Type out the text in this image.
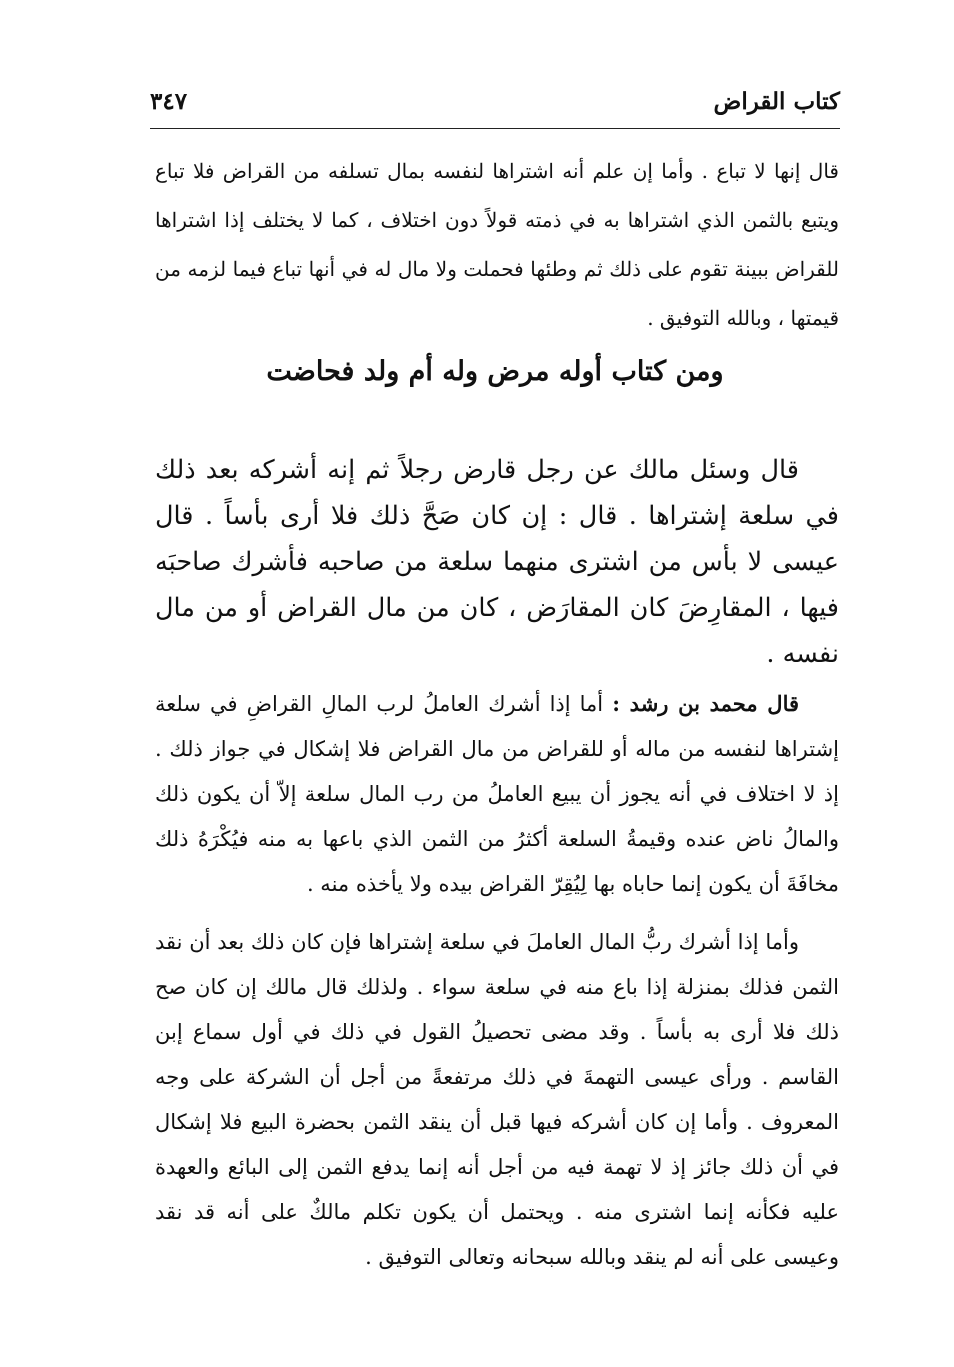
كتاب القراض
٣٤٧

قال إنها لا تباع . وأما إن علم أنه اشتراها لنفسه بمال تسلفه من القراض فلا تباع ويتبع بالثمن الذي اشتراها به في ذمته قولاً دون اختلاف ، كما لا يختلف إذا اشتراها للقراض ببينة تقوم على ذلك ثم وطئها فحملت ولا مال له في أنها تباع فيما لزمه من قيمتها ، وبالله التوفيق .

ومن كتاب أوله مرض وله أم ولد فحاضت

قال وسئل مالك عن رجل قارض رجلاً ثم إنه أشركه بعد ذلك في سلعة إشتراها . قال : إن كان صَحَّ ذلك فلا أرى بأساً . قال عيسى لا بأس من اشترى منهما سلعة من صاحبه فأشرك صاحبَه فيها ، المقارِضَ كان المقارَض ، كان من مال القراض أو من مال نفسه .

قال محمد بن رشد : أما إذا أشرك العاملُ لرب المالِ القراضِ في سلعة إشتراها لنفسه من ماله أو للقراض من مال القراض فلا إشكال في جواز ذلك . إذ لا اختلاف في أنه يجوز أن يبيع العاملُ من رب المال سلعة إلاّ أن يكون ذلك والمالُ ناض عنده وقيمةُ السلعة أكثرُ من الثمن الذي باعها به منه فيُكْرَهُ ذلك مخافَةَ أن يكون إنما حاباه بها لِيُقِرّ القراض بيده ولا يأخذه منه .

وأما إذا أشرك ربُّ المال العاملَ في سلعة إشتراها فإن كان ذلك بعد أن نقد الثمن فذلك بمنزلة إذا باع منه في سلعة سواء . ولذلك قال مالك إن كان صح ذلك فلا أرى به بأساً . وقد مضى تحصيلُ القول في ذلك في أول سماع إبن القاسم . ورأى عيسى التهمةَ في ذلك مرتفعةً من أجل أن الشركة على وجه المعروف . وأما إن كان أشركه فيها قبل أن ينقد الثمن بحضرة البيع فلا إشكال في أن ذلك جائز إذ لا تهمة فيه من أجل أنه إنما يدفع الثمن إلى البائع والعهدة عليه فكأنه إنما اشترى منه . ويحتمل أن يكون تكلم مالكٌ على أنه قد نقد وعيسى على أنه لم ينقد وبالله سبحانه وتعالى التوفيق .
